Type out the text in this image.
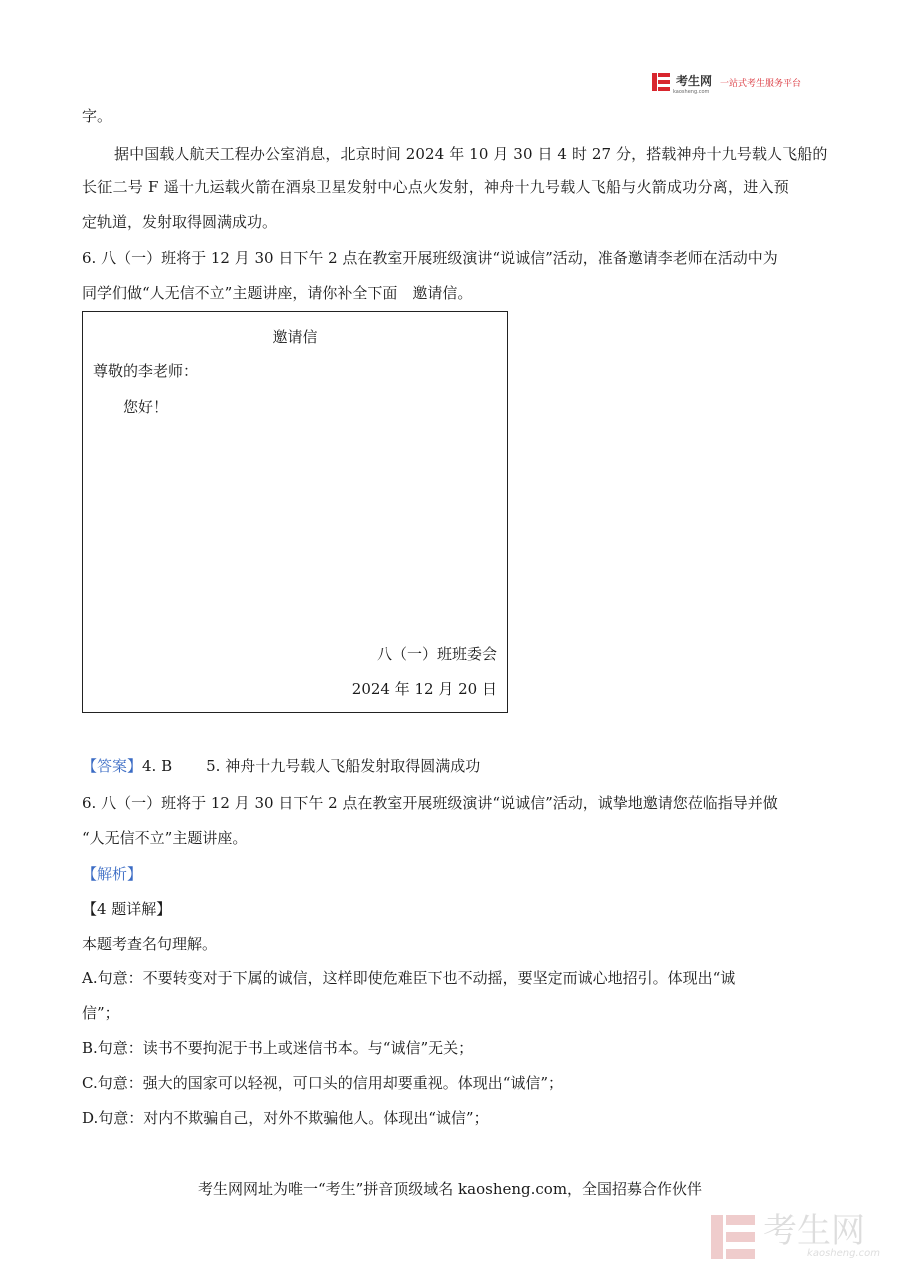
考生网
kaosheng.com
一站式考生服务平台
字。
据中国载人航天工程办公室消息，北京时间 2024 年 10 月 30 日 4 时 27 分，搭载神舟十九号载人飞船的
长征二号 F 遥十九运载火箭在酒泉卫星发射中心点火发射，神舟十九号载人飞船与火箭成功分离，进入预
定轨道，发射取得圆满成功。
6. 八（一）班将于 12 月 30 日下午 2 点在教室开展班级演讲“说诚信”活动，准备邀请李老师在活动中为
同学们做“人无信不立”主题讲座，请你补全下面　邀请信。
邀请信
尊敬的李老师：
您好！
八（一）班班委会
2024 年 12 月 20 日
【答案】4. B 5. 神舟十九号载人飞船发射取得圆满成功
6. 八（一）班将于 12 月 30 日下午 2 点在教室开展班级演讲“说诚信”活动，诚挚地邀请您莅临指导并做
“人无信不立”主题讲座。
【解析】
【4 题详解】
本题考查名句理解。
A.句意：不要转变对于下属的诚信，这样即使危难臣下也不动摇，要坚定而诚心地招引。体现出“诚
信”；
B.句意：读书不要拘泥于书上或迷信书本。与“诚信”无关；
C.句意：强大的国家可以轻视，可口头的信用却要重视。体现出“诚信”；
D.句意：对内不欺骗自己，对外不欺骗他人。体现出“诚信”；
考生网网址为唯一“考生”拼音顶级域名 kaosheng.com，全国招募合作伙伴
考生网
kaosheng.com
